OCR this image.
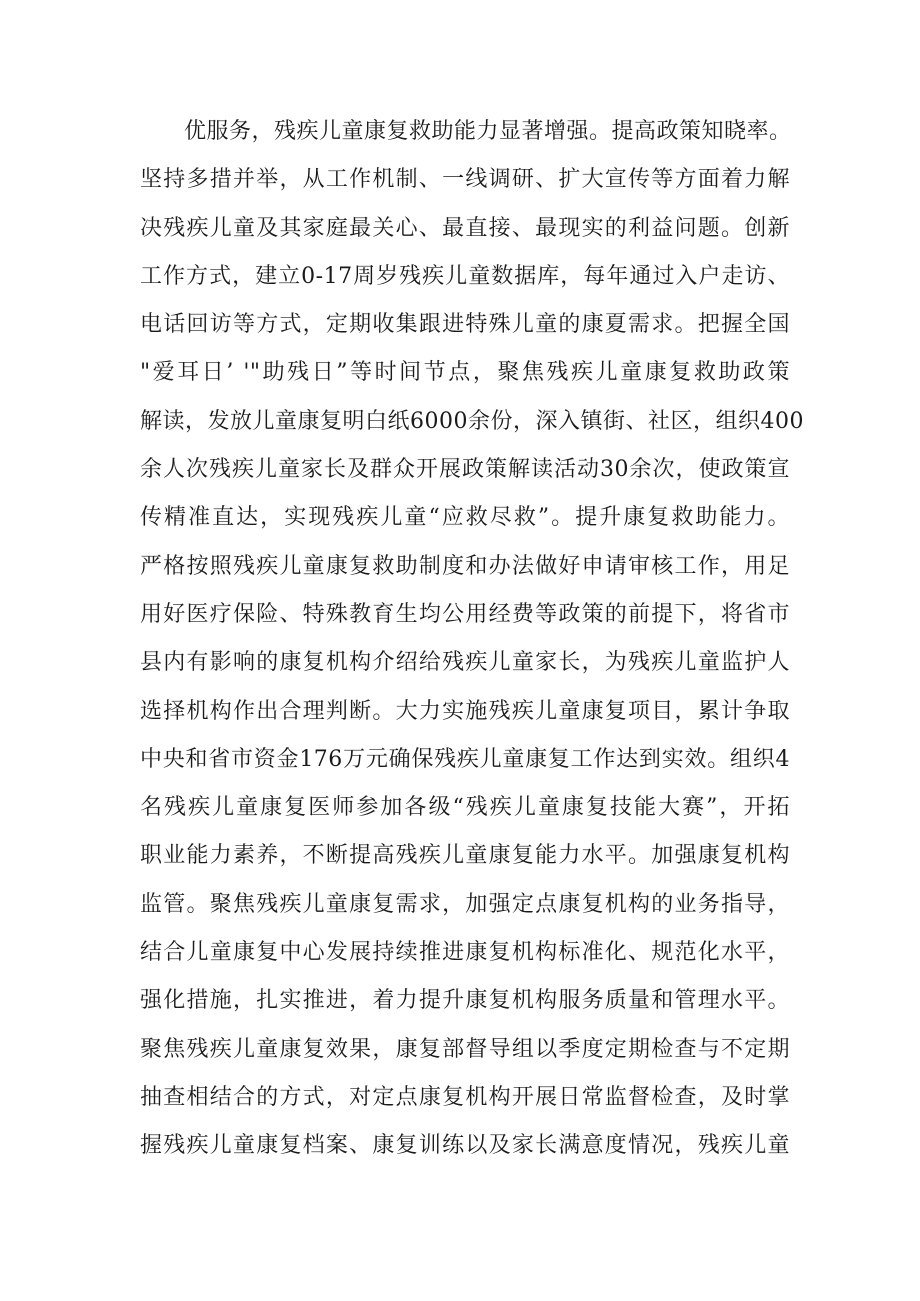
优服务，残疾儿童康复救助能力显著增强。提高政策知晓率。
坚持多措并举，从工作机制、一线调研、扩大宣传等方面着力解
决残疾儿童及其家庭最关心、最直接、最现实的利益问题。创新
工作方式，建立0-17周岁残疾儿童数据库，每年通过入户走访、
电话回访等方式，定期收集跟进特殊儿童的康夏需求。把握全国
"爱耳日’ '"助残日”等时间节点，聚焦残疾儿童康复救助政策
解读，发放儿童康复明白纸6000余份，深入镇街、社区，组织400
余人次残疾儿童家长及群众开展政策解读活动30余次，使政策宣
传精准直达，实现残疾儿童“应救尽救”。提升康复救助能力。
严格按照残疾儿童康复救助制度和办法做好申请审核工作，用足
用好医疗保险、特殊教育生均公用经费等政策的前提下，将省市
县内有影响的康复机构介绍给残疾儿童家长，为残疾儿童监护人
选择机构作出合理判断。大力实施残疾儿童康复项目，累计争取
中央和省市资金176万元确保残疾儿童康复工作达到实效。组织4
名残疾儿童康复医师参加各级“残疾儿童康复技能大赛”，开拓
职业能力素养，不断提高残疾儿童康复能力水平。加强康复机构
监管。聚焦残疾儿童康复需求，加强定点康复机构的业务指导，
结合儿童康复中心发展持续推进康复机构标准化、规范化水平，
强化措施，扎实推进，着力提升康复机构服务质量和管理水平。
聚焦残疾儿童康复效果，康复部督导组以季度定期检查与不定期
抽查相结合的方式，对定点康复机构开展日常监督检查，及时掌
握残疾儿童康复档案、康复训练以及家长满意度情况，残疾儿童
